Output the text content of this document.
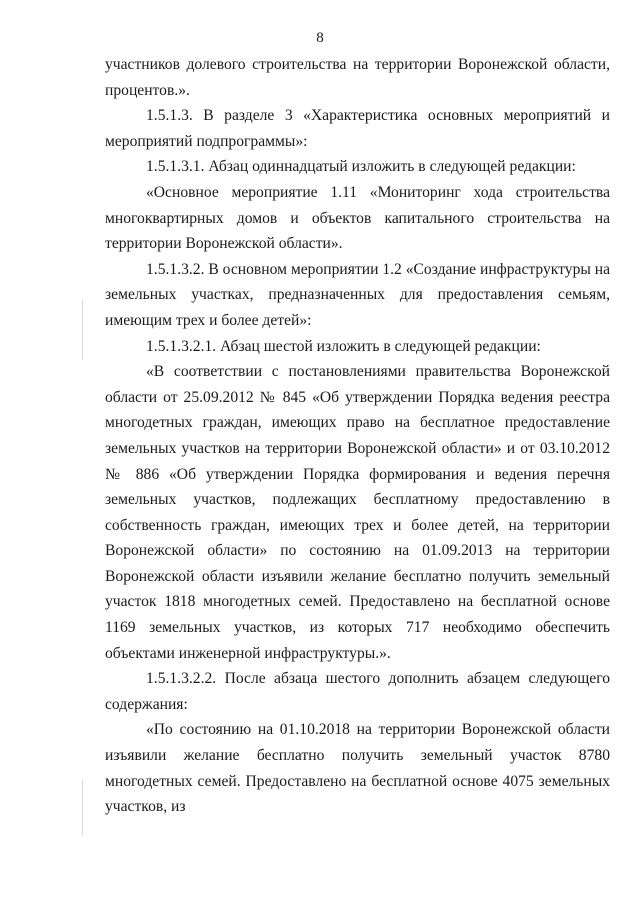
8

участников долевого строительства на территории Воронежской области, процентов.».

1.5.1.3. В разделе 3 «Характеристика основных мероприятий и мероприятий подпрограммы»:

1.5.1.3.1. Абзац одиннадцатый изложить в следующей редакции:

«Основное мероприятие 1.11 «Мониторинг хода строительства многоквартирных домов и объектов капитального строительства на территории Воронежской области».

1.5.1.3.2. В основном мероприятии 1.2 «Создание инфраструктуры на земельных участках, предназначенных для предоставления семьям, имеющим трех и более детей»:

1.5.1.3.2.1. Абзац шестой изложить в следующей редакции:

«В соответствии с постановлениями правительства Воронежской области от 25.09.2012 № 845 «Об утверждении Порядка ведения реестра многодетных граждан, имеющих право на бесплатное предоставление земельных участков на территории Воронежской области» и от 03.10.2012 № 886 «Об утверждении Порядка формирования и ведения перечня земельных участков, подлежащих бесплатному предоставлению в собственность граждан, имеющих трех и более детей, на территории Воронежской области» по состоянию на 01.09.2013 на территории Воронежской области изъявили желание бесплатно получить земельный участок 1818 многодетных семей. Предоставлено на бесплатной основе 1169 земельных участков, из которых 717 необходимо обеспечить объектами инженерной инфраструктуры.».

1.5.1.3.2.2. После абзаца шестого дополнить абзацем следующего содержания:

«По состоянию на 01.10.2018 на территории Воронежской области изъявили желание бесплатно получить земельный участок 8780 многодетных семей. Предоставлено на бесплатной основе 4075 земельных участков, из
